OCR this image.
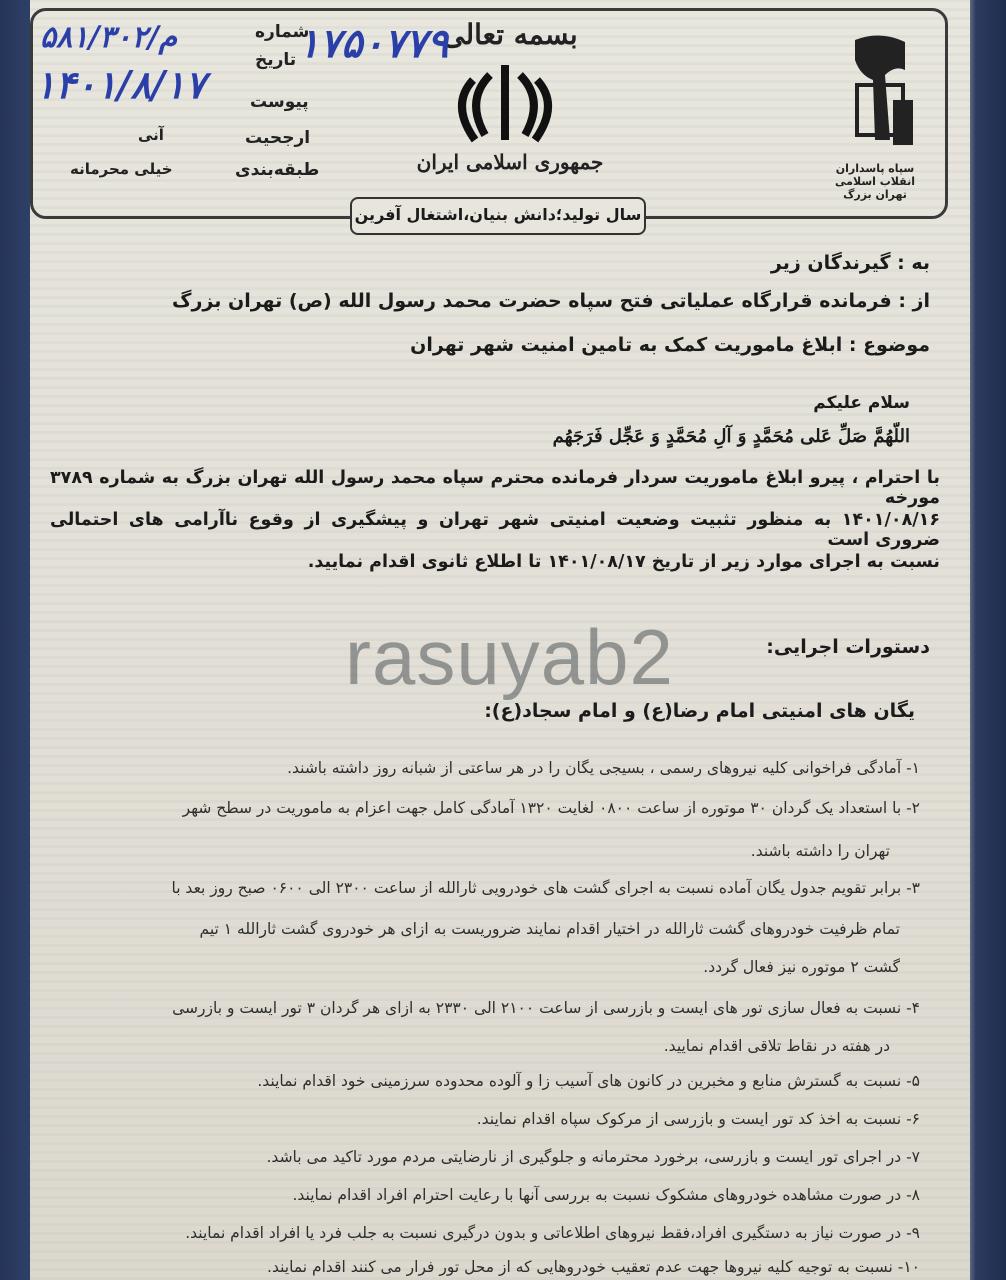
سپاه پاسداران انقلاب اسلامی تهران بزرگ
بسمه تعالی
جمهوری اسلامی ایران
شماره
تاریخ
پیوست
ارجحیت
طبقه‌بندی
آنی
خیلی محرمانه
۱۷۵۰۷۷۹
۵۸۱/۳۰۲/م
۱۴۰۱/۸/۱۷
سال تولید؛دانش بنیان،اشتغال آفرین
به : گیرندگان زیر
از : فرمانده قرارگاه عملیاتی فتح سپاه حضرت محمد رسول الله (ص) تهران بزرگ
موضوع : ابلاغ ماموریت کمک به تامین امنیت شهر تهران
سلام علیکم
اللّهُمَّ صَلِّ عَلی مُحَمَّدٍ وَ آلِ مُحَمَّدٍ وَ عَجِّل فَرَجَهُم
با احترام ، پیرو ابلاغ ماموریت سردار فرمانده محترم سپاه محمد رسول الله تهران بزرگ به شماره ۳۷۸۹ مورخه
۱۴۰۱/۰۸/۱۶ به منظور تثبیت وضعیت امنیتی شهر تهران و پیشگیری از وقوع ناآرامی های احتمالی ضروری است
نسبت به اجرای موارد زیر از تاریخ ۱۴۰۱/۰۸/۱۷ تا اطلاع ثانوی اقدام نمایید.
دستورات اجرایی:
یگان های امنیتی امام رضا(ع) و امام سجاد(ع):
۱- آمادگی فراخوانی کلیه نیروهای رسمی ، بسیجی یگان را در هر ساعتی از شبانه روز داشته باشند.
۲- با استعداد یک گردان ۳۰ موتوره از ساعت ۰۸۰۰ لغایت ۱۳۲۰ آمادگی کامل جهت اعزام به ماموریت در سطح شهر
تهران را داشته باشند.
۳- برابر تقویم جدول یگان آماده نسبت به اجرای گشت های خودرویی ثارالله از ساعت ۲۳۰۰ الی ۰۶۰۰ صبح روز بعد با
تمام ظرفیت خودروهای گشت ثارالله در اختیار اقدام نمایند ضروریست به ازای هر خودروی گشت ثارالله ۱ تیم
گشت ۲ موتوره نیز فعال گردد.
۴- نسبت به فعال سازی تور های ایست و بازرسی از ساعت ۲۱۰۰ الی ۲۳۳۰ به ازای هر گردان ۳ تور ایست و بازرسی
در هفته در نقاط تلاقی اقدام نمایید.
۵- نسبت به گسترش منابع و مخبرین در کانون های آسیب زا و آلوده محدوده سرزمینی خود اقدام نمایند.
۶- نسبت به اخذ کد تور ایست و بازرسی از مرکوک سپاه اقدام نمایند.
۷- در اجرای تور ایست و بازرسی، برخورد محترمانه و جلوگیری از نارضایتی مردم مورد تاکید می باشد.
۸- در صورت مشاهده خودروهای مشکوک نسبت به بررسی آنها با رعایت احترام افراد اقدام نمایند.
۹- در صورت نیاز به دستگیری افراد،فقط نیروهای اطلاعاتی و بدون درگیری نسبت به جلب فرد یا افراد اقدام نمایند.
۱۰- نسبت به توجیه کلیه نیروها جهت عدم تعقیب خودروهایی که از محل تور فرار می کنند اقدام نمایند.
rasuyab2
